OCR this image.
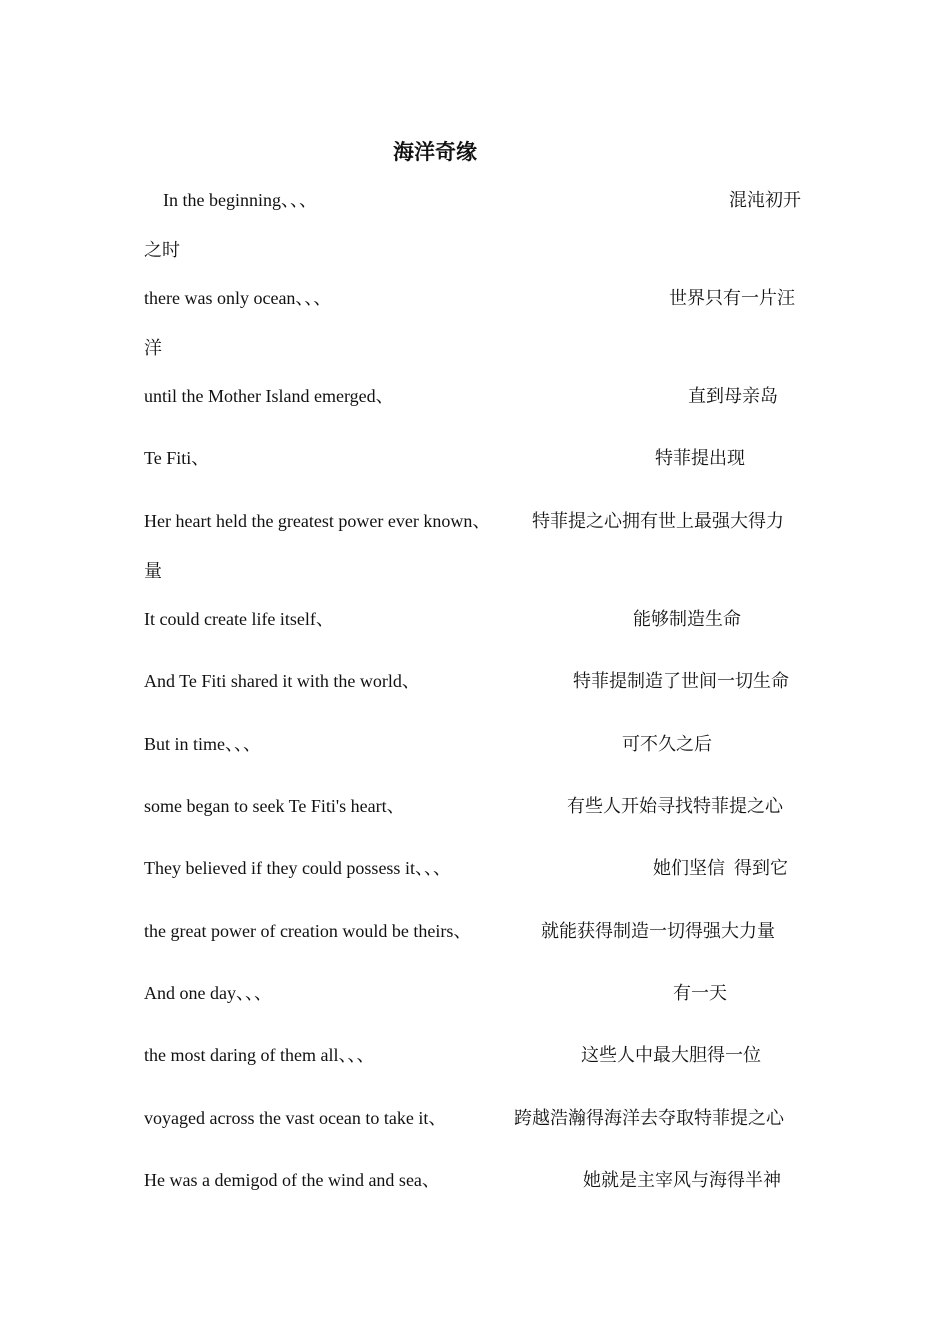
海洋奇缘
In the beginning、、、	混沌初开
之时
there was only ocean、、、	世界只有一片汪
洋
until the Mother Island emerged、	直到母亲岛
Te Fiti、	特菲提出现
Her heart held the greatest power ever known、 特菲提之心拥有世上最强大得力
量
It could create life itself、	能够制造生命
And Te Fiti shared it with the world、	特菲提制造了世间一切生命
But in time、、、	可不久之后
some began to seek Te Fiti's heart、	有些人开始寻找特菲提之心
They believed if they could possess it、、、	她们坚信  得到它
the great power of creation would be theirs、	就能获得制造一切得强大力量
And one day、、、	有一天
the most daring of them all、、、	这些人中最大胆得一位
voyaged across the vast ocean to take it、	跨越浩瀚得海洋去夺取特菲提之心
He was a demigod of the wind and sea、	她就是主宰风与海得半神
